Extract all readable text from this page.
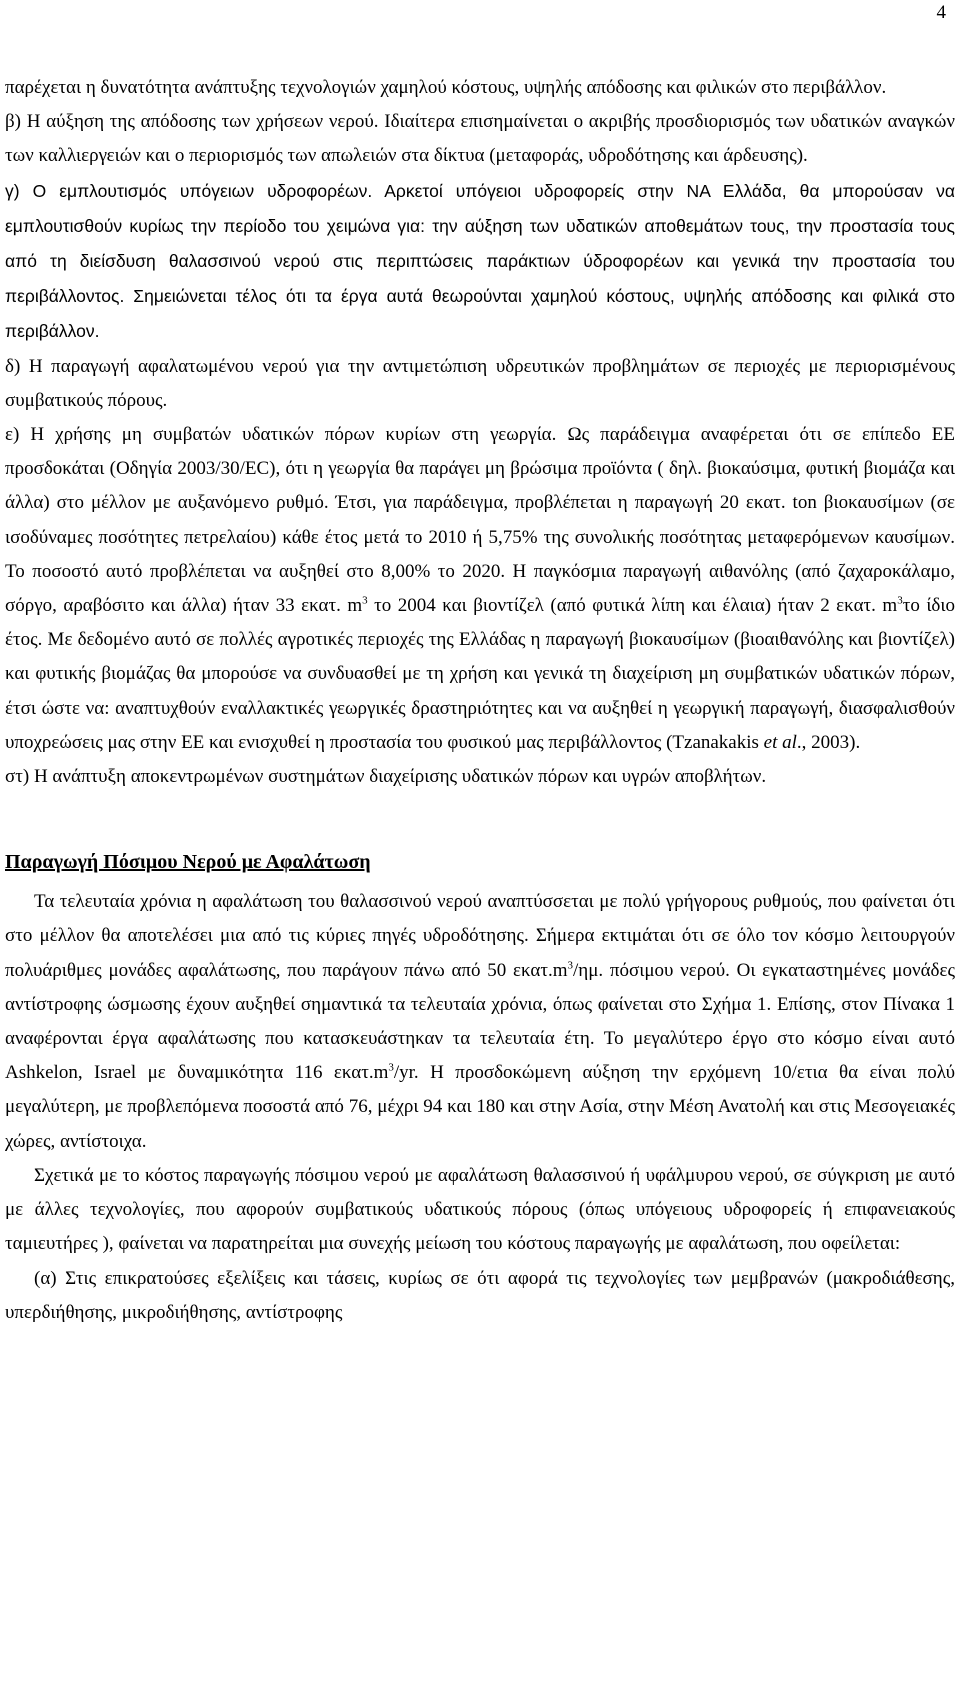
4

παρέχεται η δυνατότητα ανάπτυξης τεχνολογιών χαμηλού κόστους, υψηλής απόδοσης και φιλικών στο περιβάλλον.

β) Η αύξηση της απόδοσης των χρήσεων νερού. Ιδιαίτερα επισημαίνεται ο ακριβής προσδιορισμός των υδατικών αναγκών των καλλιεργειών και ο περιορισμός των απωλειών στα δίκτυα (μεταφοράς, υδροδότησης και άρδευσης).

γ) Ο εμπλουτισμός υπόγειων υδροφορέων. Αρκετοί υπόγειοι υδροφορείς στην ΝΑ Ελλάδα, θα μπορούσαν να εμπλουτισθούν κυρίως την περίοδο του χειμώνα για: την αύξηση των υδατικών αποθεμάτων τους, την προστασία τους από τη διείσδυση θαλασσινού νερού στις περιπτώσεις παράκτιων ύδροφορέων και γενικά την προστασία του περιβάλλοντος. Σημειώνεται τέλος ότι τα έργα αυτά θεωρούνται χαμηλού κόστους, υψηλής απόδοσης και φιλικά στο περιβάλλον.

δ) Η παραγωγή αφαλατωμένου νερού για την αντιμετώπιση υδρευτικών προβλημάτων σε περιοχές με περιορισμένους συμβατικούς πόρους.

ε) Η χρήσης μη συμβατών υδατικών πόρων κυρίων στη γεωργία. Ως παράδειγμα αναφέρεται ότι σε επίπεδο ΕΕ προσδοκάται (Οδηγία 2003/30/EC), ότι η γεωργία θα παράγει μη βρώσιμα προϊόντα ( δηλ. βιοκαύσιμα, φυτική βιομάζα και άλλα) στο μέλλον με αυξανόμενο ρυθμό. Έτσι, για παράδειγμα, προβλέπεται η παραγωγή 20 εκατ. ton βιοκαυσίμων (σε ισοδύναμες ποσότητες πετρελαίου) κάθε έτος μετά το 2010 ή 5,75% της συνολικής ποσότητας μεταφερόμενων καυσίμων. Το ποσοστό αυτό προβλέπεται να αυξηθεί στο 8,00% το 2020. Η παγκόσμια παραγωγή αιθανόλης (από ζαχαροκάλαμο, σόργο, αραβόσιτο και άλλα) ήταν 33 εκατ. $m^3$ το 2004 και βιοντίζελ (από φυτικά λίπη και έλαια) ήταν 2 εκατ. $m^3\tau o$ ίδιο έτος. Με δεδομένο αυτό σε πολλές αγροτικές περιοχές της Ελλάδας η παραγωγή βιοκαυσίμων (βιοαιθανόλης και βιοντίζελ) και φυτικής βιομάζας θα μπορούσε να συνδυασθεί με τη χρήση και γενικά τη διαχείριση μη συμβατικών υδατικών πόρων, έτσι ώστε να: αναπτυχθούν εναλλακτικές γεωργικές δραστηριότητες και να αυξηθεί η γεωργική παραγωγή, διασφαλισθούν υποχρεώσεις μας στην ΕΕ και ενισχυθεί η προστασία του φυσικού μας περιβάλλοντος (Tzanakakis et al., 2003).

στ) Η ανάπτυξη αποκεντρωμένων συστημάτων διαχείρισης υδατικών πόρων και υγρών αποβλήτων.

Παραγωγή Πόσιμου Νερού με Αφαλάτωση

Τα τελευταία χρόνια η αφαλάτωση του θαλασσινού νερού αναπτύσσεται με πολύ γρήγορους ρυθμούς, που φαίνεται ότι στο μέλλον θα αποτελέσει μια από τις κύριες πηγές υδροδότησης. Σήμερα εκτιμάται ότι σε όλο τον κόσμο λειτουργούν πολυάριθμες μονάδες αφαλάτωσης, που παράγουν πάνω από 50 $\varepsilon\kappa\alpha\tau.m^3/\eta\mu$. πόσιμου νερού. Οι εγκαταστημένες μονάδες αντίστροφης ώσμωσης έχουν αυξηθεί σημαντικά τα τελευταία χρόνια, όπως φαίνεται στο Σχήμα 1. Επίσης, στον Πίνακα 1 αναφέρονται έργα αφαλάτωσης που κατασκευάστηκαν τα τελευταία έτη. Το μεγαλύτερο έργο στο κόσμο είναι αυτό Ashkelon, Israel με δυναμικότητα 116 $\varepsilon\kappa\alpha\tau.m^3/yr$. Η προσδοκώμενη αύξηση την ερχόμενη 10/ετια θα είναι πολύ μεγαλύτερη, με προβλεπόμενα ποσοστά από 76, μέχρι 94 και 180 και στην Ασία, στην Μέση Ανατολή και στις Μεσογειακές χώρες, αντίστοιχα.

Σχετικά με το κόστος παραγωγής πόσιμου νερού με αφαλάτωση θαλασσινού ή υφάλμυρου νερού, σε σύγκριση με αυτό με άλλες τεχνολογίες, που αφορούν συμβατικούς υδατικούς πόρους (όπως υπόγειους υδροφορείς ή επιφανειακούς ταμιευτήρες ), φαίνεται να παρατηρείται μια συνεχής μείωση του κόστους παραγωγής με αφαλάτωση, που οφείλεται:

(α) Στις επικρατούσες εξελίξεις και τάσεις, κυρίως σε ότι αφορά τις τεχνολογίες των μεμβρανών (μακροδιάθεσης, υπερδιήθησης, μικροδιήθησης, αντίστροφης
